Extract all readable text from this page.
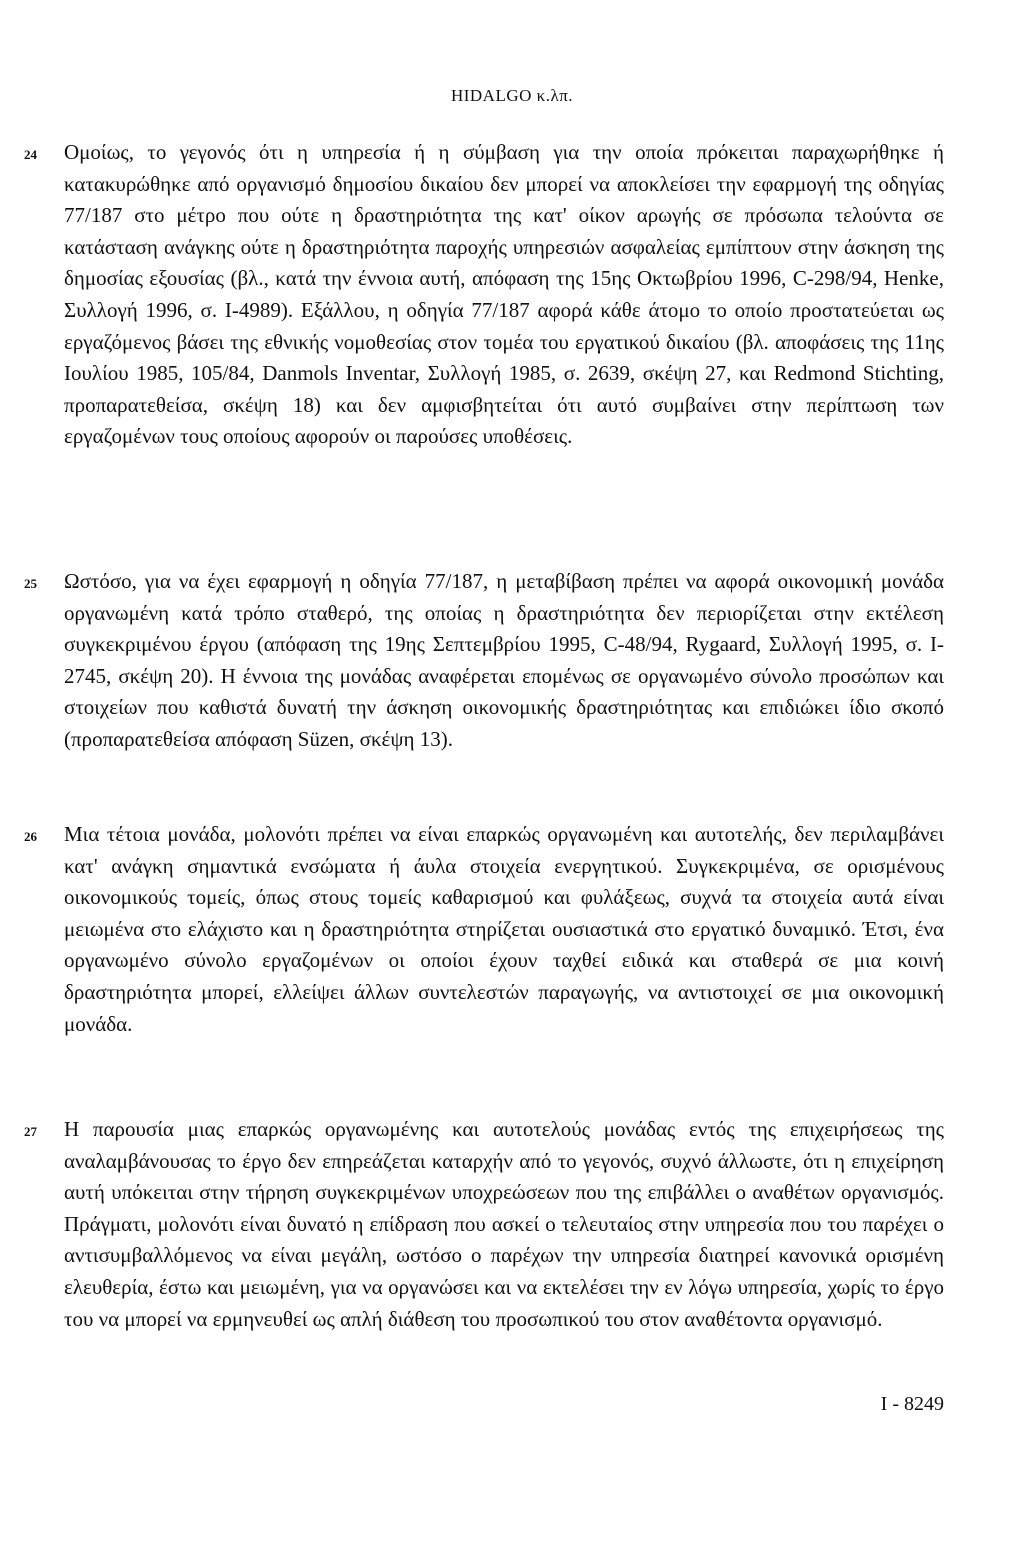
HIDALGO κ.λπ.
24	Ομοίως, το γεγονός ότι η υπηρεσία ή η σύμβαση για την οποία πρόκειται παραχωρήθηκε ή κατακυρώθηκε από οργανισμό δημοσίου δικαίου δεν μπορεί να αποκλείσει την εφαρμογή της οδηγίας 77/187 στο μέτρο που ούτε η δραστηριότητα της κατ' οίκον αρωγής σε πρόσωπα τελούντα σε κατάσταση ανάγκης ούτε η δραστηριότητα παροχής υπηρεσιών ασφαλείας εμπίπτουν στην άσκηση της δημοσίας εξουσίας (βλ., κατά την έννοια αυτή, απόφαση της 15ης Οκτωβρίου 1996, C-298/94, Henke, Συλλογή 1996, σ. I-4989). Εξάλλου, η οδηγία 77/187 αφορά κάθε άτομο το οποίο προστατεύεται ως εργαζόμενος βάσει της εθνικής νομοθεσίας στον τομέα του εργατικού δικαίου (βλ. αποφάσεις της 11ης Ιουλίου 1985, 105/84, Danmols Inventar, Συλλογή 1985, σ. 2639, σκέψη 27, και Redmond Stichting, προπαρατεθείσα, σκέψη 18) και δεν αμφισβητείται ότι αυτό συμβαίνει στην περίπτωση των εργαζομένων τους οποίους αφορούν οι παρούσες υποθέσεις.

25	Ωστόσο, για να έχει εφαρμογή η οδηγία 77/187, η μεταβίβαση πρέπει να αφορά οικονομική μονάδα οργανωμένη κατά τρόπο σταθερό, της οποίας η δραστηριότητα δεν περιορίζεται στην εκτέλεση συγκεκριμένου έργου (απόφαση της 19ης Σεπτεμβρίου 1995, C-48/94, Rygaard, Συλλογή 1995, σ. I-2745, σκέψη 20). Η έννοια της μονάδας αναφέρεται επομένως σε οργανωμένο σύνολο προσώπων και στοιχείων που καθιστά δυνατή την άσκηση οικονομικής δραστηριότητας και επιδιώκει ίδιο σκοπό (προπαρατεθείσα απόφαση Süzen, σκέψη 13).

26	Μια τέτοια μονάδα, μολονότι πρέπει να είναι επαρκώς οργανωμένη και αυτοτελής, δεν περιλαμβάνει κατ' ανάγκη σημαντικά ενσώματα ή άυλα στοιχεία ενεργητικού. Συγκεκριμένα, σε ορισμένους οικονομικούς τομείς, όπως στους τομείς καθαρισμού και φυλάξεως, συχνά τα στοιχεία αυτά είναι μειωμένα στο ελάχιστο και η δραστηριότητα στηρίζεται ουσιαστικά στο εργατικό δυναμικό. Έτσι, ένα οργανωμένο σύνολο εργαζομένων οι οποίοι έχουν ταχθεί ειδικά και σταθερά σε μια κοινή δραστηριότητα μπορεί, ελλείψει άλλων συντελεστών παραγωγής, να αντιστοιχεί σε μια οικονομική μονάδα.

27	Η παρουσία μιας επαρκώς οργανωμένης και αυτοτελούς μονάδας εντός της επιχειρήσεως της αναλαμβάνουσας το έργο δεν επηρεάζεται καταρχήν από το γεγονός, συχνό άλλωστε, ότι η επιχείρηση αυτή υπόκειται στην τήρηση συγκεκριμένων υποχρεώσεων που της επιβάλλει ο αναθέτων οργανισμός. Πράγματι, μολονότι είναι δυνατό η επίδραση που ασκεί ο τελευταίος στην υπηρεσία που του παρέχει ο αντισυμβαλλόμενος να είναι μεγάλη, ωστόσο ο παρέχων την υπηρεσία διατηρεί κανονικά ορισμένη ελευθερία, έστω και μειωμένη, για να οργανώσει και να εκτελέσει την εν λόγω υπηρεσία, χωρίς το έργο του να μπορεί να ερμηνευθεί ως απλή διάθεση του προσωπικού του στον αναθέτοντα οργανισμό.

I - 8249
